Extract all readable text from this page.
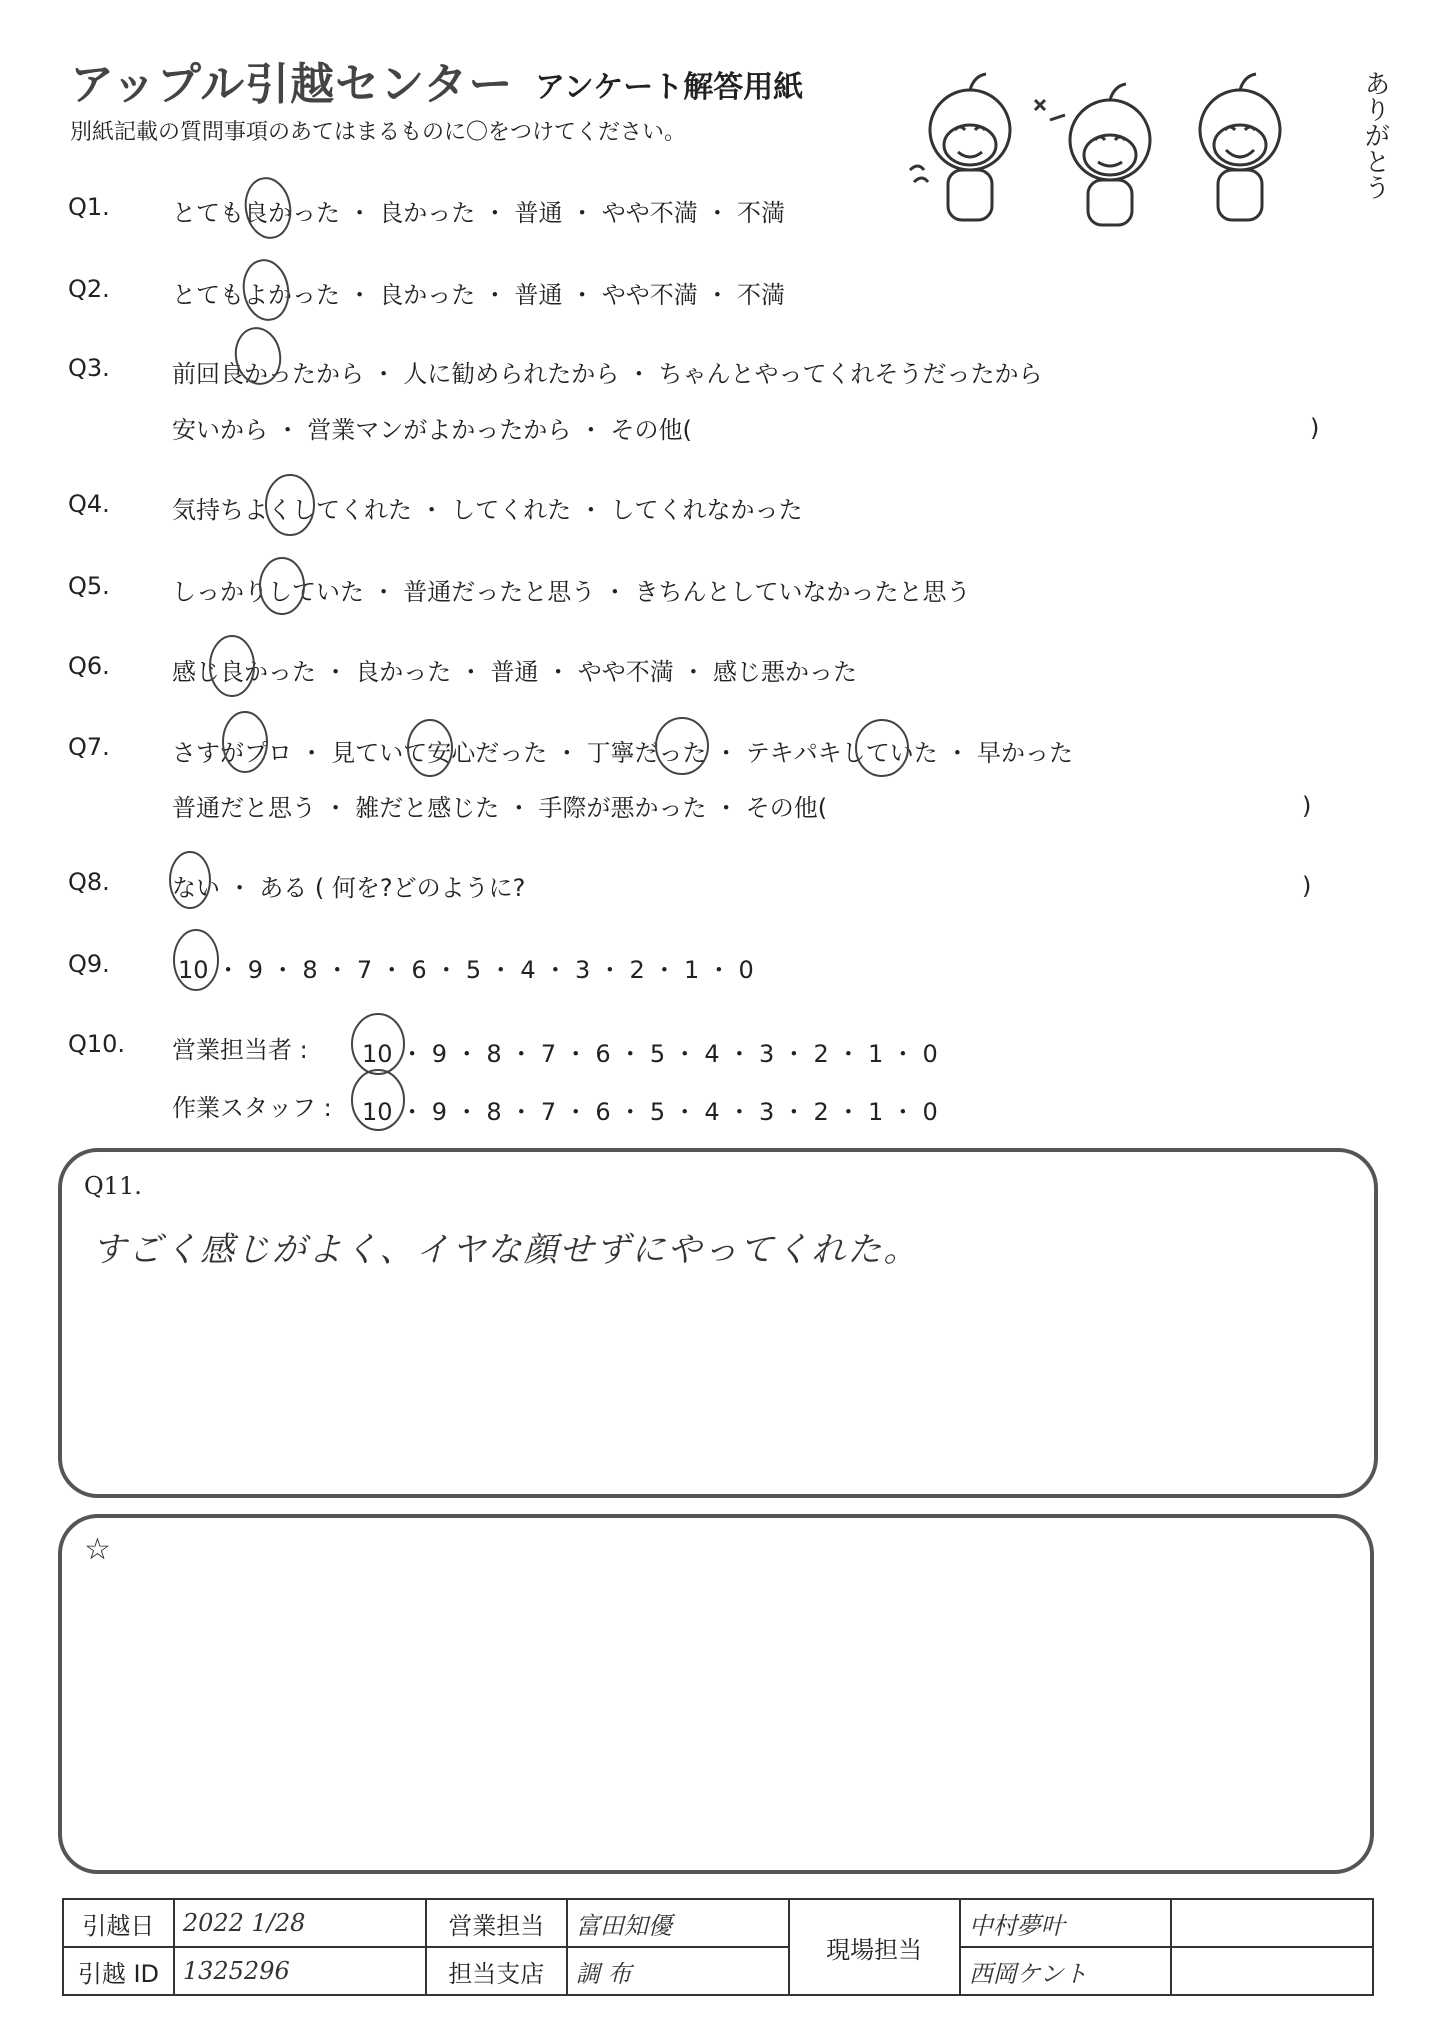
アップル引越センター アンケート解答用紙
別紙記載の質問事項のあてはまるものに〇をつけてください。	ありがとう
Q1.	とても良かった ・ 良かった ・ 普通 ・ やや不満 ・ 不満
Q2.	とてもよかった ・ 良かった ・ 普通 ・ やや不満 ・ 不満
Q3.	前回良かったから ・ 人に勧められたから ・ ちゃんとやってくれそうだったから
安いから ・ 営業マンがよかったから ・ その他(	)
Q4.	気持ちよくしてくれた ・ してくれた ・ してくれなかった
Q5.	しっかりしていた ・ 普通だったと思う ・ きちんとしていなかったと思う
Q6.	感じ良かった ・ 良かった ・ 普通 ・ やや不満 ・ 感じ悪かった
Q7.	さすがプロ ・ 見ていて安心だった ・ 丁寧だった ・ テキパキしていた ・ 早かった
普通だと思う ・ 雑だと感じた ・ 手際が悪かった ・ その他(	)
Q8.	ない ・ ある ( 何を?どのように?	)
Q9.	10 ・ 9 ・ 8 ・ 7 ・ 6 ・ 5 ・ 4 ・ 3 ・ 2 ・ 1 ・ 0
Q10. 営業担当者 : 10 ・ 9 ・ 8 ・ 7 ・ 6 ・ 5 ・ 4 ・ 3 ・ 2 ・ 1 ・ 0
作業スタッフ : 10 ・ 9 ・ 8 ・ 7 ・ 6 ・ 5 ・ 4 ・ 3 ・ 2 ・ 1 ・ 0
Q11.
すごく感じがよく、イヤな顔せずにやってくれた。
☆
引越日	2022 1/28	営業担当	富田知優	現場担当	中村夢叶	
引越 ID	1325296	担当支店	調 布		西岡ケント	
